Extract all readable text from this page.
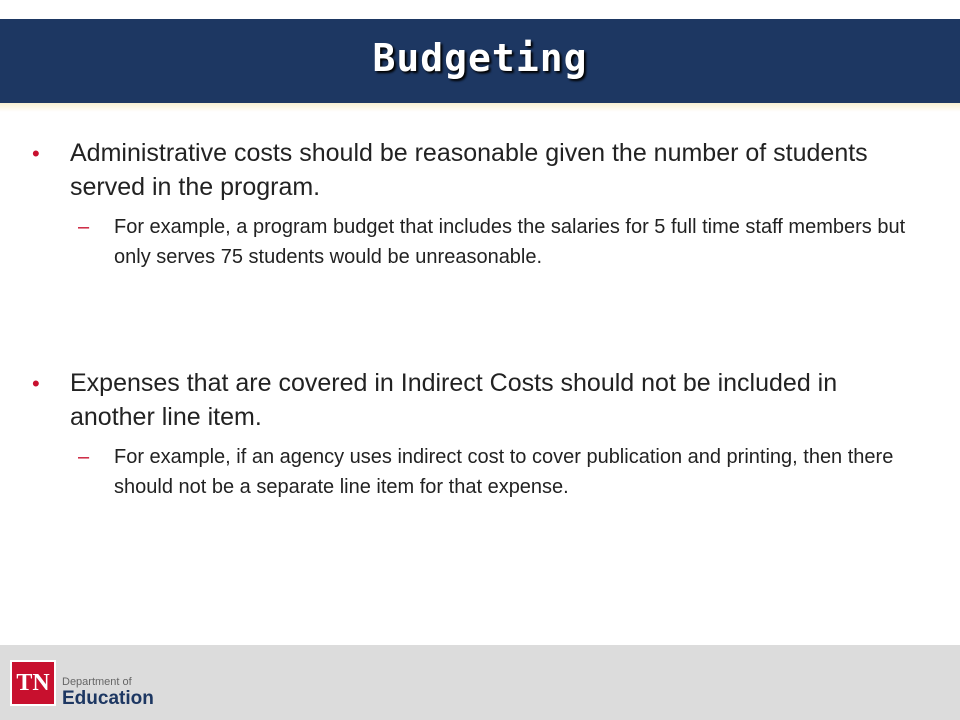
Budgeting
•	Administrative costs should be reasonable given the number of students served in the program.
–	For example, a program budget that includes the salaries for 5 full time staff members but only serves 75 students would be unreasonable.
•	Expenses that are covered in Indirect Costs should not be included in another line item.
–	For example, if an agency uses indirect cost to cover publication and printing, then there should not be a separate line item for that expense.
TN Department of
Education
